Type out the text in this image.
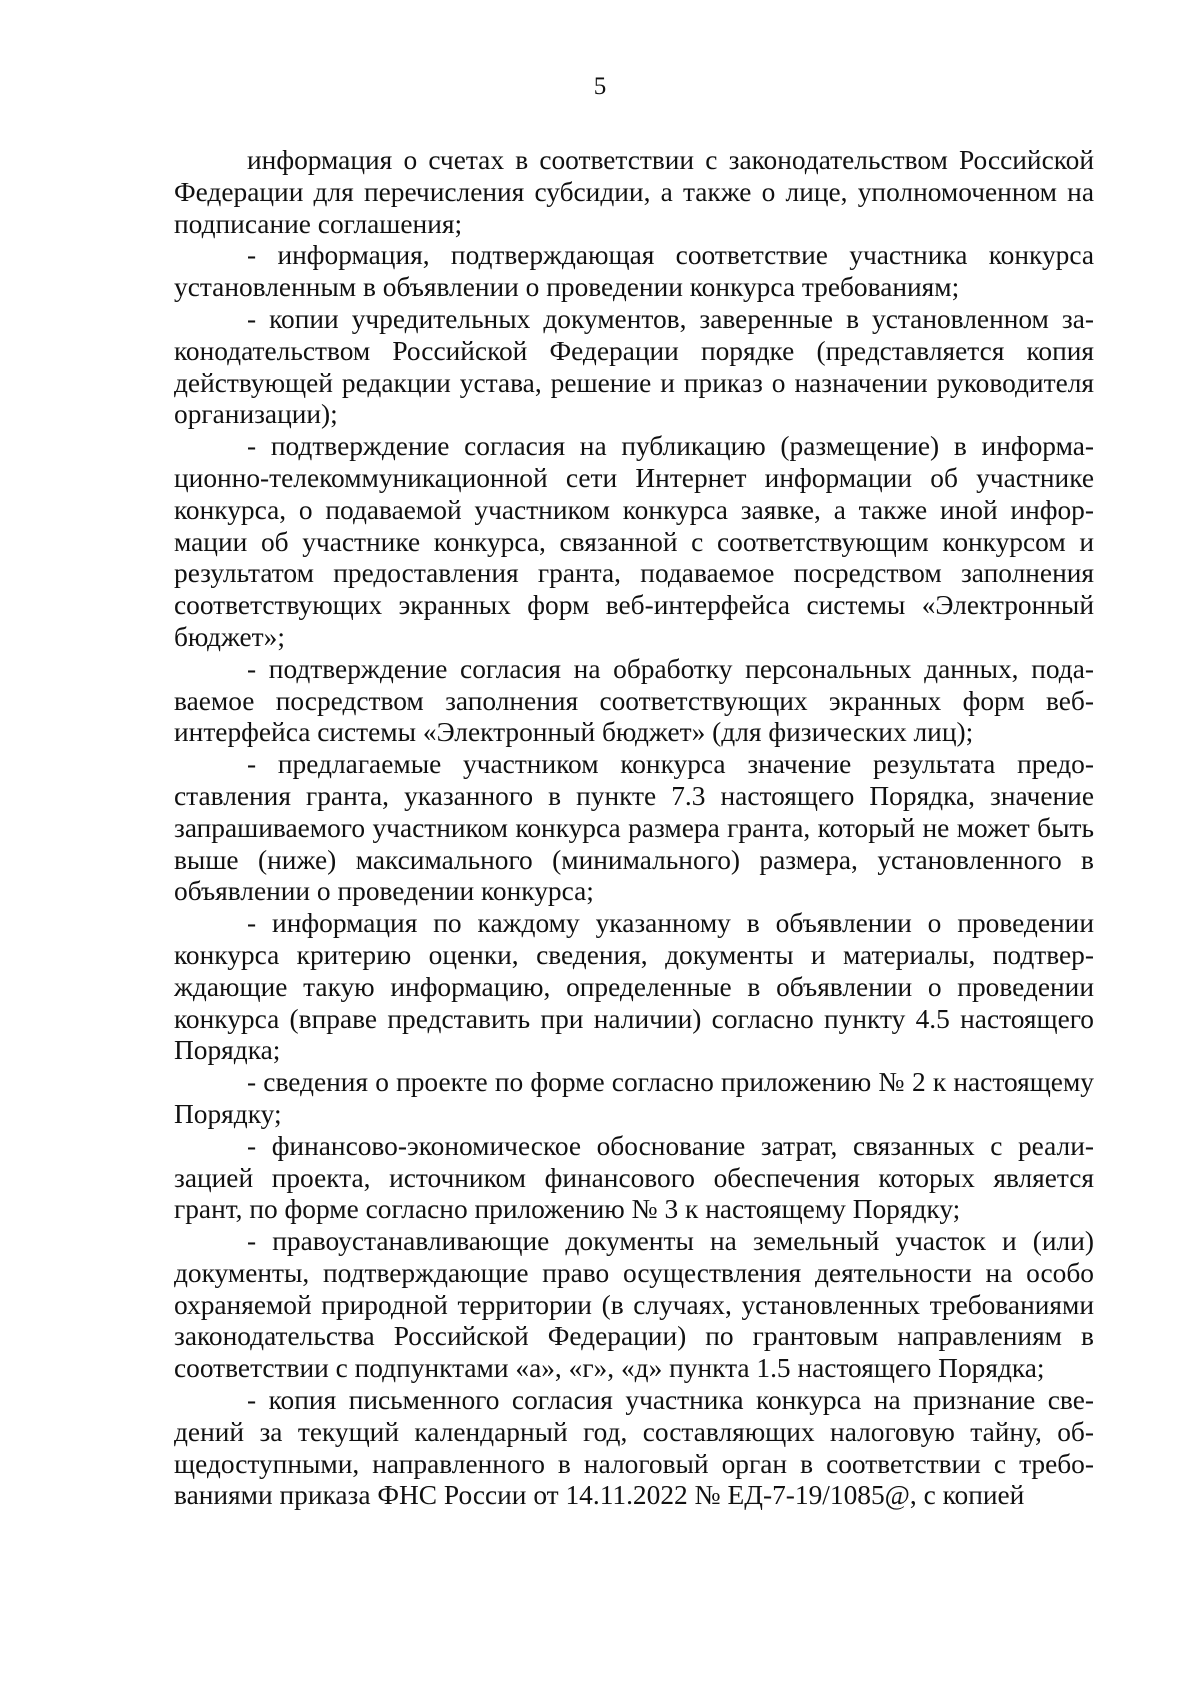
5

информация о счетах в соответствии с законодательством Российской Федерации для перечисления субсидии, а также о лице, уполномоченном на подписание соглашения;

- информация, подтверждающая соответствие участника конкурса установленным в объявлении о проведении конкурса требованиям;

- копии учредительных документов, заверенные в установленном законодательством Российской Федерации порядке (представляется копия действующей редакции устава, решение и приказ о назначении руководителя организации);

- подтверждение согласия на публикацию (размещение) в информационно-телекоммуникационной сети Интернет информации об участнике конкурса, о подаваемой участником конкурса заявке, а также иной информации об участнике конкурса, связанной с соответствующим конкурсом и результатом предоставления гранта, подаваемое посредством заполнения соответствующих экранных форм веб-интерфейса системы «Электронный бюджет»;

- подтверждение согласия на обработку персональных данных, подаваемое посредством заполнения соответствующих экранных форм веб-интерфейса системы «Электронный бюджет» (для физических лиц);

- предлагаемые участником конкурса значение результата предоставления гранта, указанного в пункте 7.3 настоящего Порядка, значение запрашиваемого участником конкурса размера гранта, который не может быть выше (ниже) максимального (минимального) размера, установленного в объявлении о проведении конкурса;

- информация по каждому указанному в объявлении о проведении конкурса критерию оценки, сведения, документы и материалы, подтверждающие такую информацию, определенные в объявлении о проведении конкурса (вправе представить при наличии) согласно пункту 4.5 настоящего Порядка;

- сведения о проекте по форме согласно приложению № 2 к настоящему Порядку;

- финансово-экономическое обоснование затрат, связанных с реализацией проекта, источником финансового обеспечения которых является грант, по форме согласно приложению № 3 к настоящему Порядку;

- правоустанавливающие документы на земельный участок и (или) документы, подтверждающие право осуществления деятельности на особо охраняемой природной территории (в случаях, установленных требованиями законодательства Российской Федерации) по грантовым направлениям в соответствии с подпунктами «а», «г», «д» пункта 1.5 настоящего Порядка;

- копия письменного согласия участника конкурса на признание сведений за текущий календарный год, составляющих налоговую тайну, общедоступными, направленного в налоговый орган в соответствии с требованиями приказа ФНС России от 14.11.2022 № ЕД-7-19/1085@, с копией
